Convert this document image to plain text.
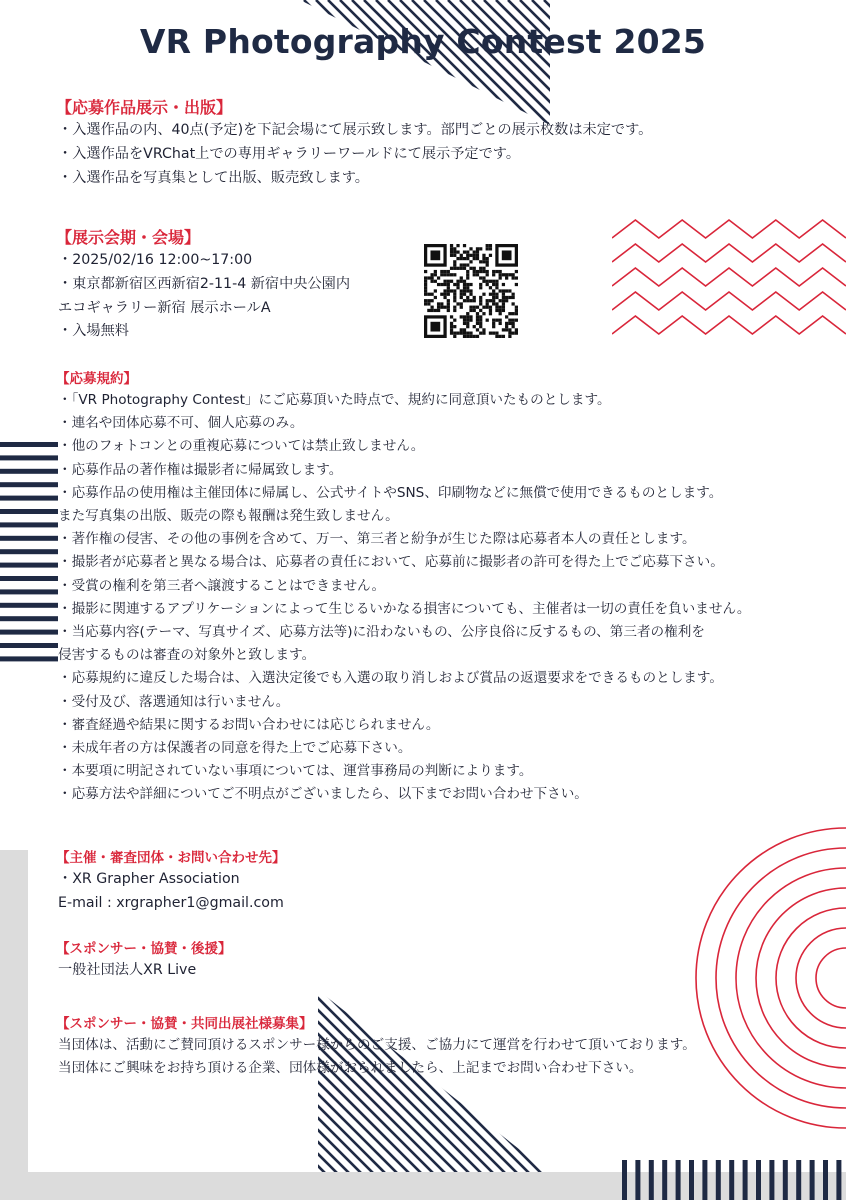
VR Photography Contest 2025
【応募作品展示・出版】
・入選作品の内、40点(予定)を下記会場にて展示致します。部門ごとの展示枚数は未定です。
・入選作品をVRChat上での専用ギャラリーワールドにて展示予定です。
・入選作品を写真集として出版、販売致します。
【展示会期・会場】
・2025/02/16 12:00~17:00
・東京都新宿区西新宿2-11-4 新宿中央公園内
エコギャラリー新宿 展示ホールA
・入場無料
【応募規約】
・「VR Photography Contest」にご応募頂いた時点で、規約に同意頂いたものとします。
・連名や団体応募不可、個人応募のみ。
・他のフォトコンとの重複応募については禁止致しません。
・応募作品の著作権は撮影者に帰属致します。
・応募作品の使用権は主催団体に帰属し、公式サイトやSNS、印刷物などに無償で使用できるものとします。
また写真集の出版、販売の際も報酬は発生致しません。
・著作権の侵害、その他の事例を含めて、万一、第三者と紛争が生じた際は応募者本人の責任とします。
・撮影者が応募者と異なる場合は、応募者の責任において、応募前に撮影者の許可を得た上でご応募下さい。
・受賞の権利を第三者へ譲渡することはできません。
・撮影に関連するアプリケーションによって生じるいかなる損害についても、主催者は一切の責任を負いません。
・当応募内容(テーマ、写真サイズ、応募方法等)に沿わないもの、公序良俗に反するもの、第三者の権利を
侵害するものは審査の対象外と致します。
・応募規約に違反した場合は、入選決定後でも入選の取り消しおよび賞品の返還要求をできるものとします。
・受付及び、落選通知は行いません。
・審査経過や結果に関するお問い合わせには応じられません。
・未成年者の方は保護者の同意を得た上でご応募下さい。
・本要項に明記されていない事項については、運営事務局の判断によります。
・応募方法や詳細についてご不明点がございましたら、以下までお問い合わせ下さい。
【主催・審査団体・お問い合わせ先】
・XR Grapher Association
E-mail : xrgrapher1@gmail.com
【スポンサー・協賛・後援】
一般社団法人XR Live
【スポンサー・協賛・共同出展社様募集】
当団体は、活動にご賛同頂けるスポンサー様からのご支援、ご協力にて運営を行わせて頂いております。
当団体にご興味をお持ち頂ける企業、団体様がおられましたら、上記までお問い合わせ下さい。
